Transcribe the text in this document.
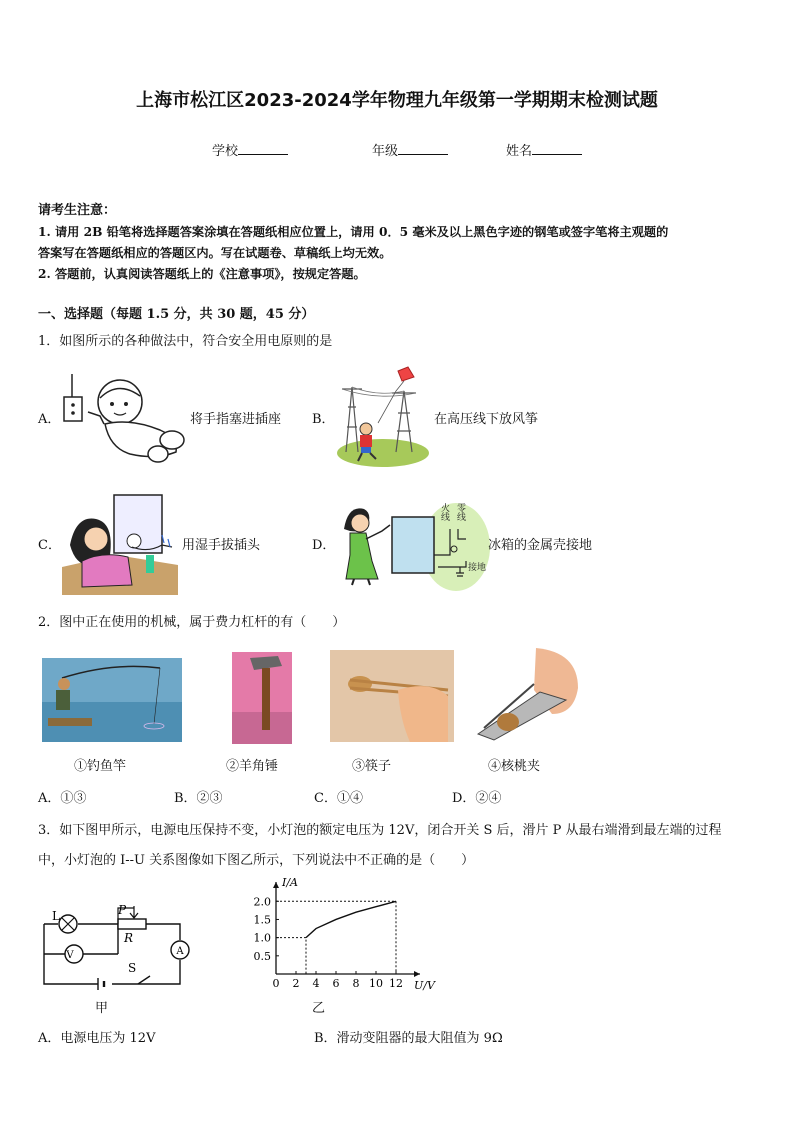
上海市松江区2023-2024学年物理九年级第一学期期末检测试题
学校	年级	姓名
请考生注意：
1. 请用 2B 铅笔将选择题答案涂填在答题纸相应位置上，请用 0．5 毫米及以上黑色字迹的钢笔或签字笔将主观题的
答案写在答题纸相应的答题区内。写在试题卷、草稿纸上均无效。
2. 答题前，认真阅读答题纸上的《注意事项》，按规定答题。
一、选择题（每题 1.5 分，共 30 题，45 分）
1．如图所示的各种做法中，符合安全用电原则的是
A．	将手指塞进插座 B．	在高压线下放风筝
C．	用湿手拔插头	D．
火线 零线
接地
冰箱的金属壳接地
2．图中正在使用的机械，属于费力杠杆的有（　　）
①钓鱼竿	②羊角锤	③筷子	④核桃夹
A．①③	B．②③	C．①④	D．②④
3．如下图甲所示，电源电压保持不变，小灯泡的额定电压为 12V，闭合开关 S 后，滑片 P 从最右端滑到最左端的过程
中，小灯泡的 I--U 关系图像如下图乙所示，下列说法中不正确的是（　　）
L
V	A
P
R
S
甲
0 2 4 6 8 10 12
0.5
1.0
1.5
2.0
U/V
I/A
乙
A．电源电压为 12V	B．滑动变阻器的最大阻值为 9Ω
